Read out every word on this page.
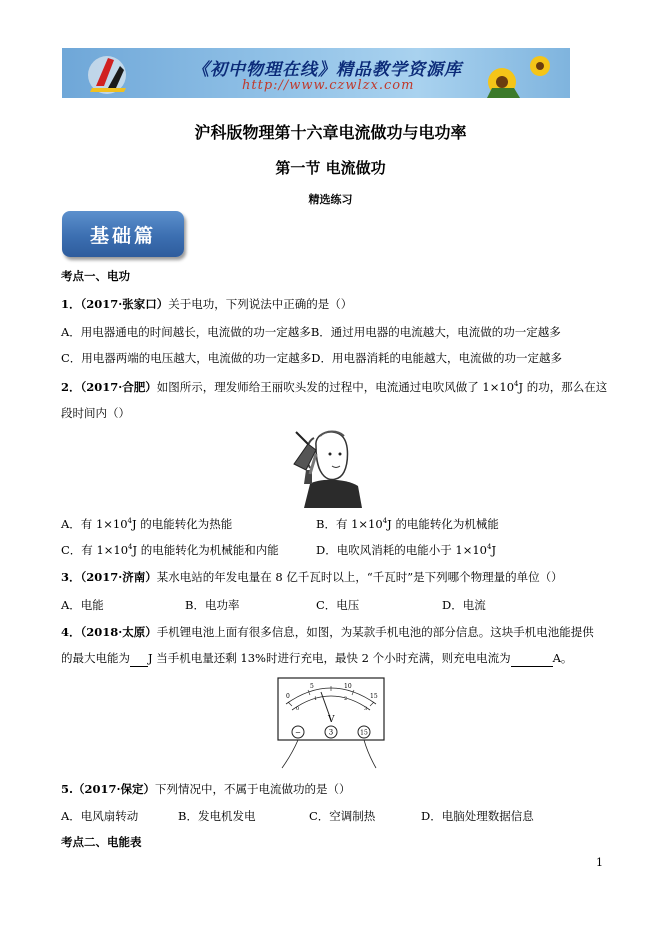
《初中物理在线》精品教学资源库
http://www.czwlzx.com
沪科版物理第十六章电流做功与电功率
第一节 电流做功
精选练习
基础篇
考点一、电功
1．（2017·张家口）关于电功，下列说法中正确的是（）
A．用电器通电的时间越长，电流做的功一定越多B．通过用电器的电流越大，电流做的功一定越多
C．用电器两端的电压越大，电流做的功一定越多D．用电器消耗的电能越大，电流做的功一定越多
2．（2017·合肥）如图所示，理发师给王丽吹头发的过程中，电流通过电吹风做了 $1\times 10^4J$ 的功，那么在这
段时间内（）
A．有 $1\times 10^4J$ 的电能转化为热能	B．有 $1\times 10^4J$ 的电能转化为机械能
C．有 $1\times 10^4J$ 的电能转化为机械能和内能	D．电吹风消耗的电能小于 $1\times 10^4J$
3．（2017·济南）某水电站的年发电量在 8 亿千瓦时以上，“千瓦时”是下列哪个物理量的单位（）
A．电能	B．电功率	C．电压	D．电流
4．（2018·太原）手机锂电池上面有很多信息，如图，为某款手机电池的部分信息。这块手机电池能提供
的最大电能为 J 当手机电量还剩 13%时进行充电，最快 2 个小时充满，则充电电流为	A。
0
5	10
15
0
1	2
3
V
−	3	15
5.（2017·保定）下列情况中，不属于电流做功的是（）
A．电风扇转动	B．发电机发电	C．空调制热	D．电脑处理数据信息
考点二、电能表
1
